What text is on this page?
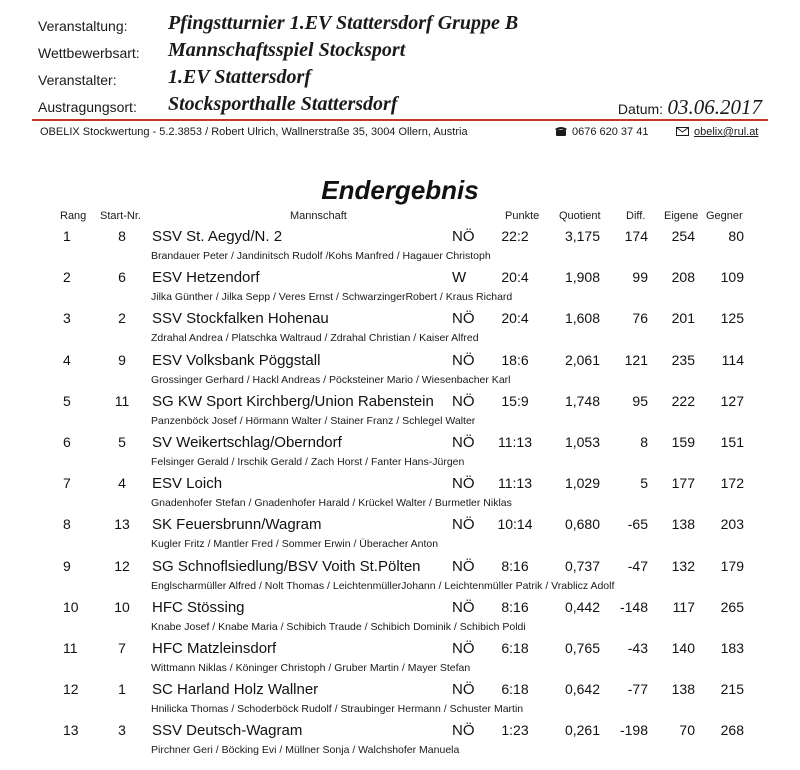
Veranstaltung: Pfingstturnier 1.EV Stattersdorf Gruppe B
Wettbewerbsart: Mannschaftsspiel Stocksport
Veranstalter:	1.EV Stattersdorf
Austragungsort: Stocksporthalle Stattersdorf	Datum: 03.06.2017
OBELIX Stockwertung - 5.2.3853 / Robert Ulrich, Wallnerstraße 35, 3004 Ollern, Austria	0676 620 37 41	obelix@rul.at
Endergebnis
Rang Start-Nr.	Mannschaft	Punkte Quotient Diff. Eigene Gegner
1	8	SSV St. Aegyd/N. 2	NÖ	22:2	3,175	174	254	80
Brandauer Peter / Jandinitsch Rudolf /Kohs Manfred / Hagauer Christoph
2	6	ESV Hetzendorf	W	20:4	1,908	99	208	109
Jilka Günther / Jilka Sepp / Veres Ernst / SchwarzingerRobert / Kraus Richard
3	2	SSV Stockfalken Hohenau	NÖ	20:4	1,608	76	201	125
Zdrahal Andrea / Platschka Waltraud / Zdrahal Christian / Kaiser Alfred
4	9	ESV Volksbank Pöggstall	NÖ	18:6	2,061	121	235	114
Grossinger Gerhard / Hackl Andreas / Pöcksteiner Mario / Wiesenbacher Karl
5	11	SG KW Sport Kirchberg/Union Rabenstein NÖ	15:9	1,748	95	222	127
Panzenböck Josef / Hörmann Walter / Stainer Franz / Schlegel Walter
6	5	SV Weikertschlag/Oberndorf	NÖ	11:13	1,053	8	159	151
Felsinger Gerald / Irschik Gerald / Zach Horst / Fanter Hans-Jürgen
7	4	ESV Loich	NÖ	11:13	1,029	5	177	172
Gnadenhofer Stefan / Gnadenhofer Harald / Krückel Walter / Burmetler Niklas
8	13 SK Feuersbrunn/Wagram	NÖ	10:14	0,680	-65	138	203
Kugler Fritz / Mantler Fred / Sommer Erwin / Überacher Anton
9	12 SG Schnoflsiedlung/BSV Voith St.Pölten NÖ	8:16	0,737	-47	132	179
Englscharmüller Alfred / Nolt Thomas / LeichtenmüllerJohann / Leichtenmüller Patrik / Vrablicz Adolf
10	10 HFC Stössing	NÖ	8:16	0,442	-148	117	265
Knabe Josef / Knabe Maria / Schibich Traude / Schibich Dominik / Schibich Poldi
11	7	HFC Matzleinsdorf	NÖ	6:18	0,765	-43	140	183
Wittmann Niklas / Köninger Christoph / Gruber Martin / Mayer Stefan
12	1	SC Harland Holz Wallner	NÖ	6:18	0,642	-77	138	215
Hnilicka Thomas / Schoderböck Rudolf / Straubinger Hermann / Schuster Martin
13	3	SSV Deutsch-Wagram	NÖ	1:23	0,261	-198	70	268
Pirchner Geri / Böcking Evi / Müllner Sonja / Walchshofer Manuela
